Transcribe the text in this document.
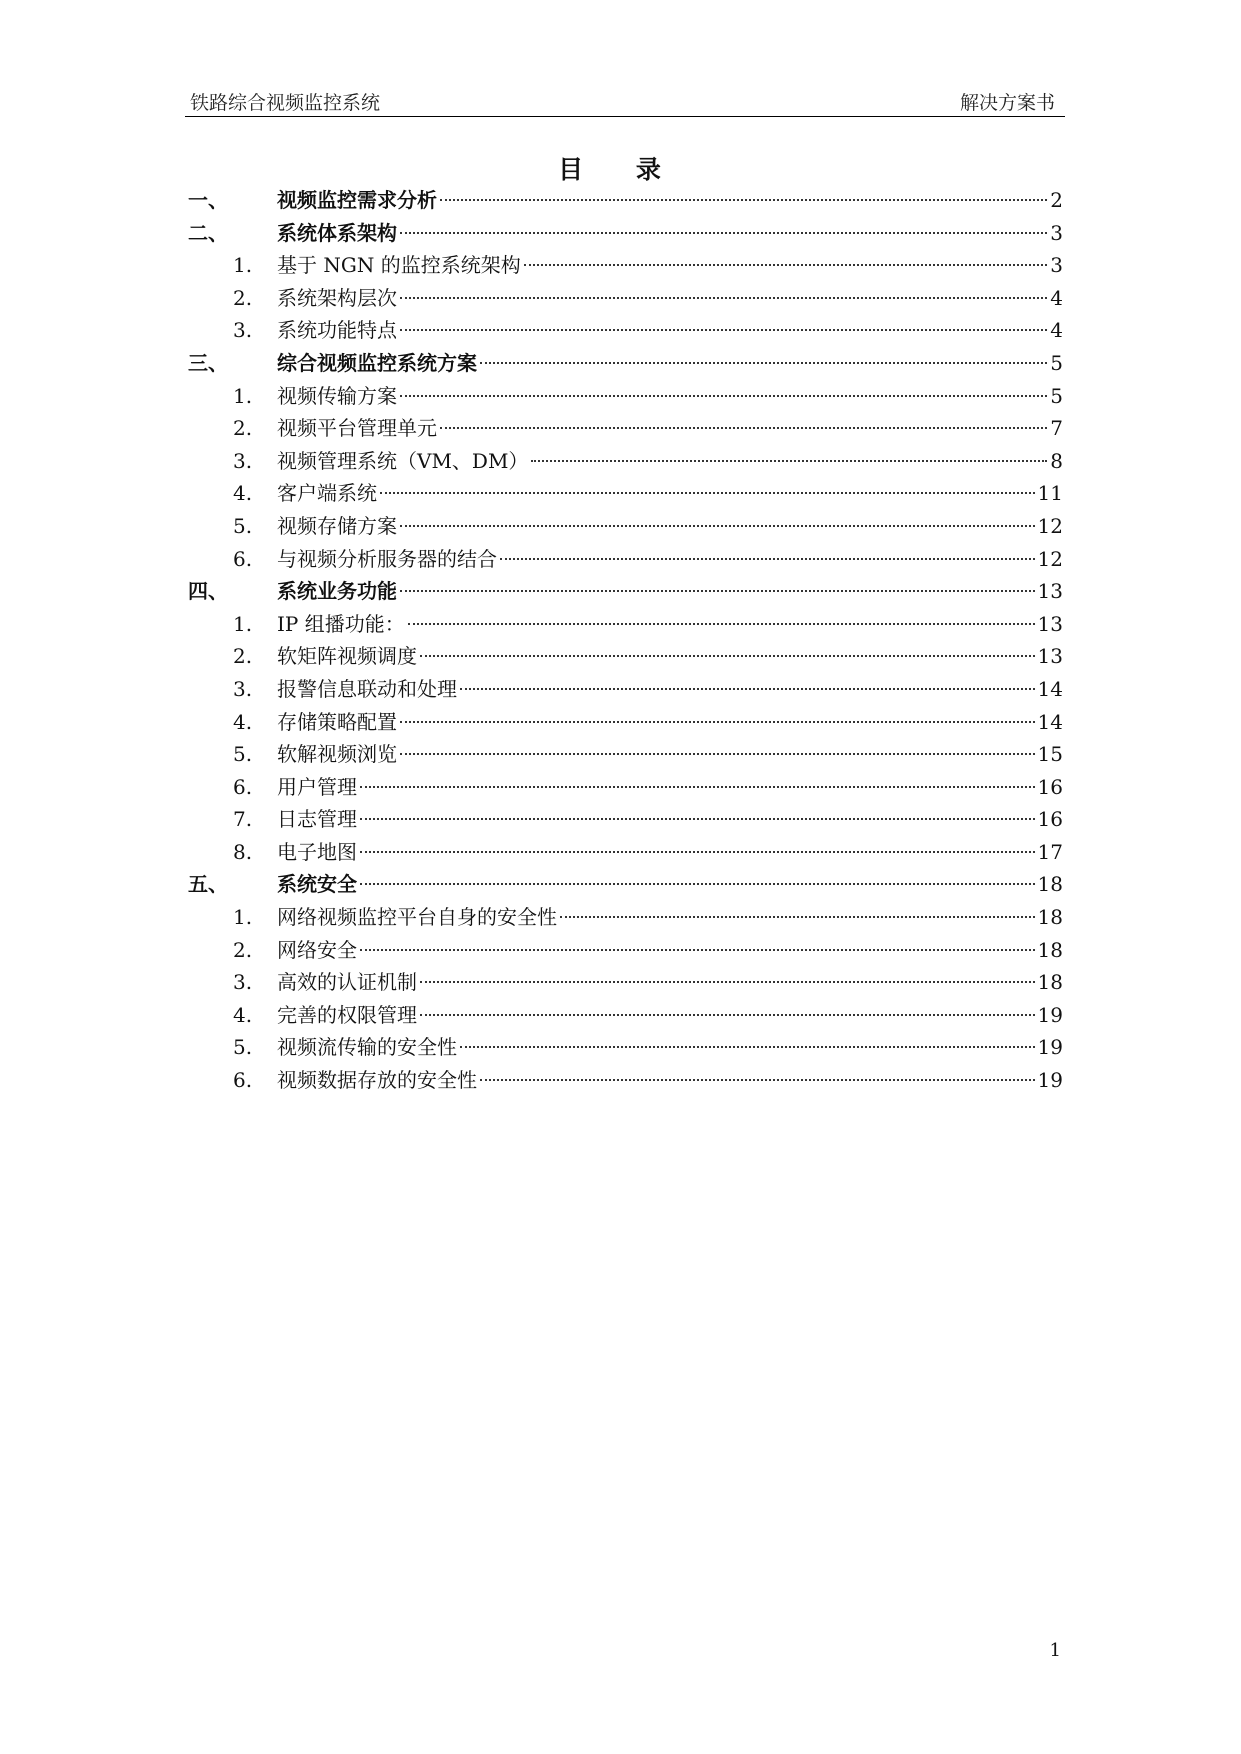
铁路综合视频监控系统	解决方案书
目 录
一、 视频监控需求分析	2
二、 系统体系架构	3
1. 基于 NGN 的监控系统架构	3
2. 系统架构层次	4
3. 系统功能特点	4
三、 综合视频监控系统方案	5
1. 视频传输方案	5
2. 视频平台管理单元	7
3. 视频管理系统（VM、DM）	8
4. 客户端系统	11
5. 视频存储方案	12
6. 与视频分析服务器的结合	12
四、 系统业务功能	13
1. IP 组播功能：	13
2. 软矩阵视频调度	13
3. 报警信息联动和处理	14
4. 存储策略配置	14
5. 软解视频浏览	15
6. 用户管理	16
7. 日志管理	16
8. 电子地图	17
五、 系统安全	18
1. 网络视频监控平台自身的安全性	18
2. 网络安全	18
3. 高效的认证机制	18
4. 完善的权限管理	19
5. 视频流传输的安全性	19
6. 视频数据存放的安全性	19
1
